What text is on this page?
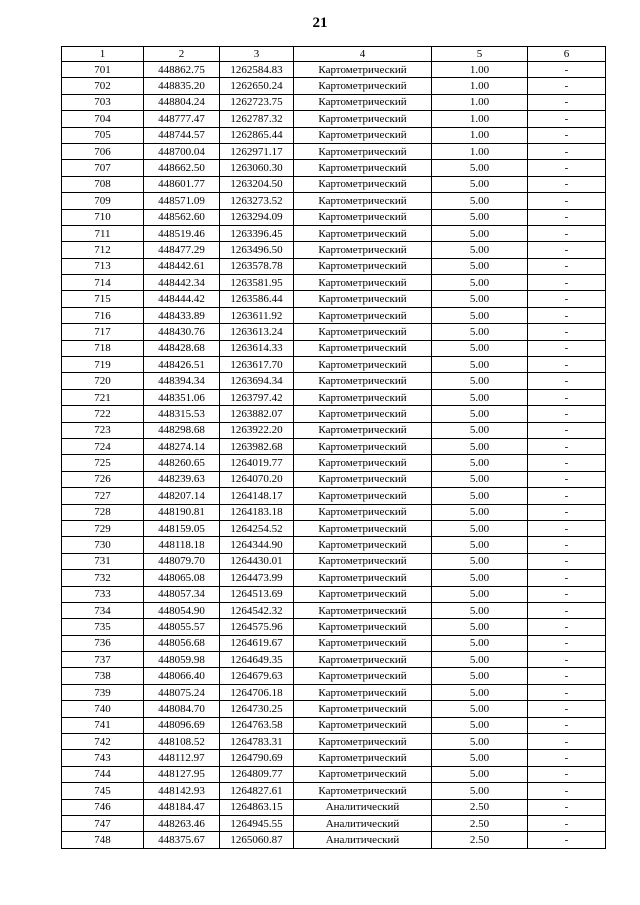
21
1	2	3	4	5	6
701	448862.75	1262584.83	Картометрический	1.00	-
702	448835.20	1262650.24	Картометрический	1.00	-
703	448804.24	1262723.75	Картометрический	1.00	-
704	448777.47	1262787.32	Картометрический	1.00	-
705	448744.57	1262865.44	Картометрический	1.00	-
706	448700.04	1262971.17	Картометрический	1.00	-
707	448662.50	1263060.30	Картометрический	5.00	-
708	448601.77	1263204.50	Картометрический	5.00	-
709	448571.09	1263273.52	Картометрический	5.00	-
710	448562.60	1263294.09	Картометрический	5.00	-
711	448519.46	1263396.45	Картометрический	5.00	-
712	448477.29	1263496.50	Картометрический	5.00	-
713	448442.61	1263578.78	Картометрический	5.00	-
714	448442.34	1263581.95	Картометрический	5.00	-
715	448444.42	1263586.44	Картометрический	5.00	-
716	448433.89	1263611.92	Картометрический	5.00	-
717	448430.76	1263613.24	Картометрический	5.00	-
718	448428.68	1263614.33	Картометрический	5.00	-
719	448426.51	1263617.70	Картометрический	5.00	-
720	448394.34	1263694.34	Картометрический	5.00	-
721	448351.06	1263797.42	Картометрический	5.00	-
722	448315.53	1263882.07	Картометрический	5.00	-
723	448298.68	1263922.20	Картометрический	5.00	-
724	448274.14	1263982.68	Картометрический	5.00	-
725	448260.65	1264019.77	Картометрический	5.00	-
726	448239.63	1264070.20	Картометрический	5.00	-
727	448207.14	1264148.17	Картометрический	5.00	-
728	448190.81	1264183.18	Картометрический	5.00	-
729	448159.05	1264254.52	Картометрический	5.00	-
730	448118.18	1264344.90	Картометрический	5.00	-
731	448079.70	1264430.01	Картометрический	5.00	-
732	448065.08	1264473.99	Картометрический	5.00	-
733	448057.34	1264513.69	Картометрический	5.00	-
734	448054.90	1264542.32	Картометрический	5.00	-
735	448055.57	1264575.96	Картометрический	5.00	-
736	448056.68	1264619.67	Картометрический	5.00	-
737	448059.98	1264649.35	Картометрический	5.00	-
738	448066.40	1264679.63	Картометрический	5.00	-
739	448075.24	1264706.18	Картометрический	5.00	-
740	448084.70	1264730.25	Картометрический	5.00	-
741	448096.69	1264763.58	Картометрический	5.00	-
742	448108.52	1264783.31	Картометрический	5.00	-
743	448112.97	1264790.69	Картометрический	5.00	-
744	448127.95	1264809.77	Картометрический	5.00	-
745	448142.93	1264827.61	Картометрический	5.00	-
746	448184.47	1264863.15	Аналитический	2.50	-
747	448263.46	1264945.55	Аналитический	2.50	-
748	448375.67	1265060.87	Аналитический	2.50	-
